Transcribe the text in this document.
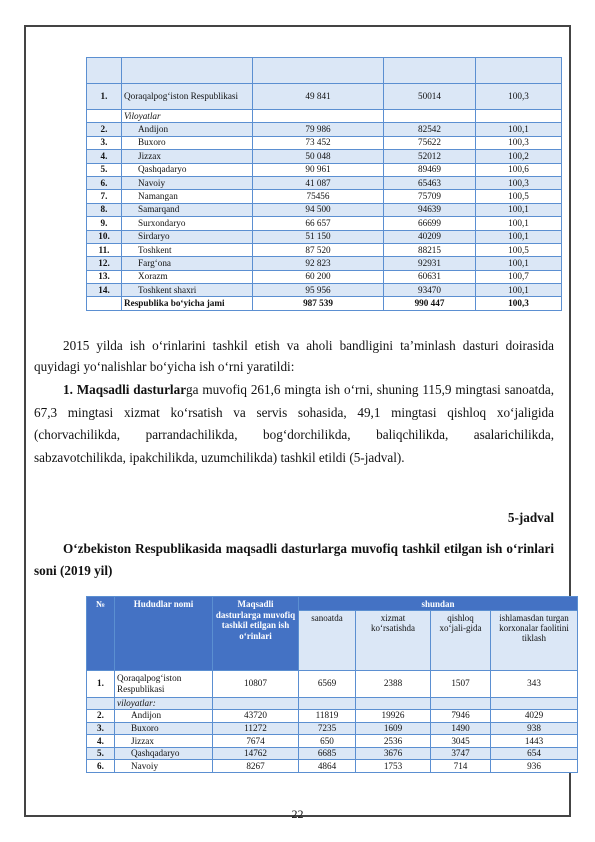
1.	Qoraqalpog‘iston Respublikasi	49 841	50014	100,3
	Viloyatlar			
2.	Andijon	79 986	82542	100,1
3.	Buxoro	73 452	75622	100,3
4.	Jizzax	50 048	52012	100,2
5.	Qashqadaryo	90 961	89469	100,6
6.	Navoiy	41 087	65463	100,3
7.	Namangan	75456	75709	100,5
8.	Samarqand	94 500	94639	100,1
9.	Surxondaryo	66 657	66699	100,1
10.	Sirdaryo	51 150	40209	100,1
11.	Toshkent	87 520	88215	100,5
12.	Farg‘ona	92 823	92931	100,1
13.	Xorazm	60 200	60631	100,7
14.	Toshkent shaxri	95 956	93470	100,1
	Respublika bo‘yicha jami	987 539	990 447	100,3

2015 yilda ish o‘rinlarini tashkil etish va aholi bandligini ta’minlash dasturi doirasida quyidagi yo‘nalishlar bo‘yicha ish o‘rni yaratildi:

1. Maqsadli dasturlarga muvofiq 261,6 mingta ish o‘rni, shuning 115,9 mingtasi sanoatda, 67,3 mingtasi xizmat ko‘rsatish va servis sohasida, 49,1 mingtasi qishloq xo‘jaligida (chorvachilikda, parrandachilikda, bog‘dorchilikda, baliqchilikda, asalarichilikda, sabzavotchilikda, ipakchilikda, uzumchilikda) tashkil etildi (5-jadval).

5-jadval

O‘zbekiston Respublikasida maqsadli dasturlarga muvofiq tashkil etilgan ish o‘rinlari soni (2019 yil)

№	Hududlar nomi	Maqsadli dasturlarga muvofiq tashkil etilgan ish o‘rinlari	shundan			
			sanoatda	xizmat ko‘rsatishda	qishloq xo‘jali-gida	ishlamasdan turgan korxonalar faolitini tiklash
1.	Qoraqalpog‘iston Respublikasi	10807	6569	2388	1507	343
	viloyatlar:					
2.	Andijon	43720	11819	19926	7946	4029
3.	Buxoro	11272	7235	1609	1490	938
4.	Jizzax	7674	650	2536	3045	1443
5.	Qashqadaryo	14762	6685	3676	3747	654
6.	Navoiy	8267	4864	1753	714	936
22
